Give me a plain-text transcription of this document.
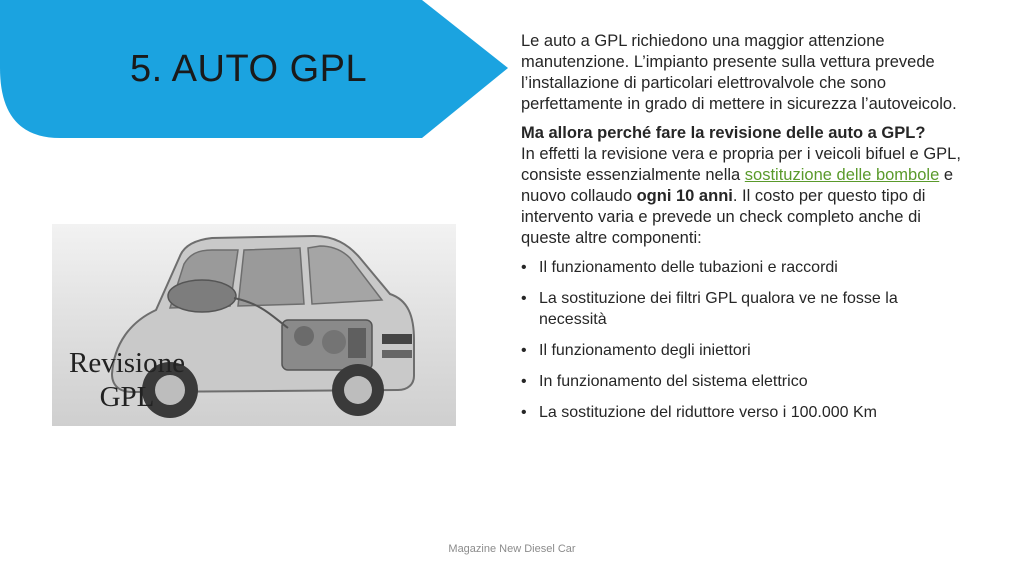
5. AUTO GPL
Revisione
GPL

Le auto a GPL richiedono una maggior attenzione manutenzione. L’impianto presente sulla vettura prevede l’installazione di particolari elettrovalvole che sono perfettamente in grado di mettere in sicurezza l’autoveicolo.

Ma allora perché fare la revisione delle auto a GPL?
In effetti la revisione vera e propria per i veicoli bifuel e GPL, consiste essenzialmente nella sostituzione delle bombole e nuovo collaudo ogni 10 anni. Il costo per questo tipo di intervento varia e prevede un check completo anche di queste altre componenti:

• Il funzionamento delle tubazioni e raccordi
• La sostituzione dei filtri GPL qualora ve ne fosse la necessità
• Il funzionamento degli iniettori
• In funzionamento del sistema elettrico
• La sostituzione del riduttore verso i 100.000 Km
Magazine New Diesel Car
